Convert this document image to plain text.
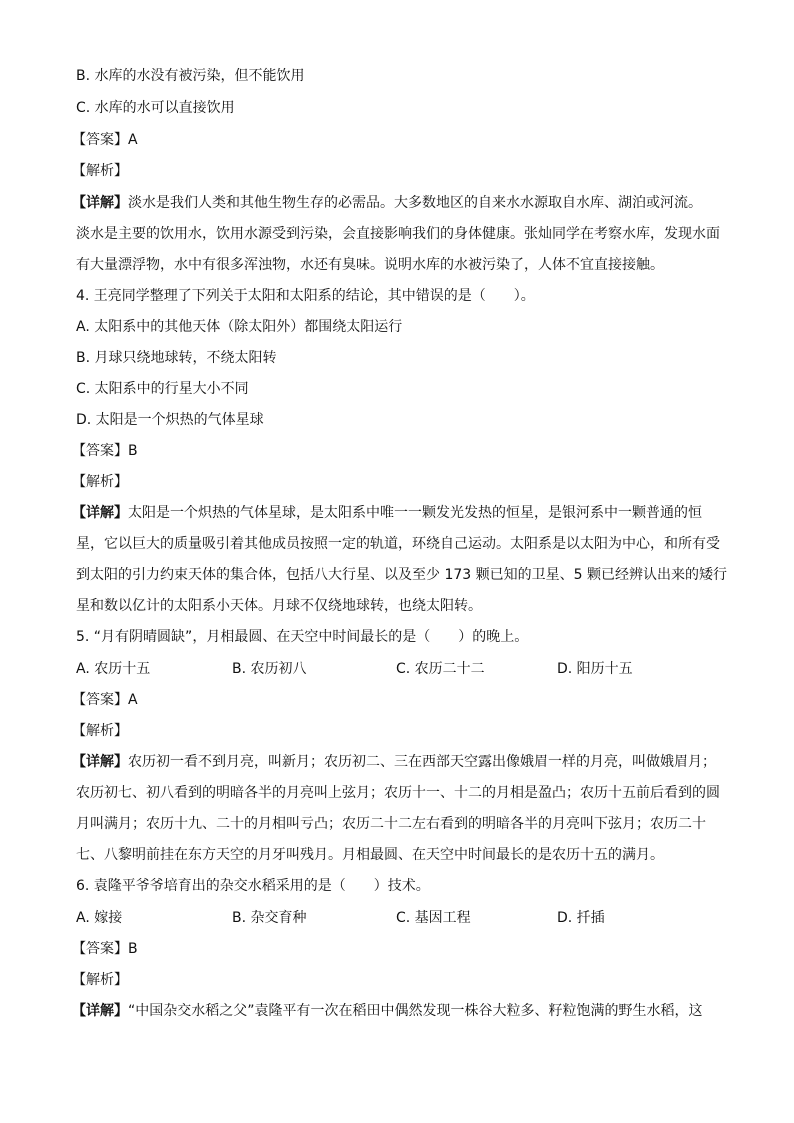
B. 水库的水没有被污染，但不能饮用
C. 水库的水可以直接饮用
【答案】A
【解析】
【详解】淡水是我们人类和其他生物生存的必需品。大多数地区的自来水水源取自水库、湖泊或河流。
淡水是主要的饮用水，饮用水源受到污染，会直接影响我们的身体健康。张灿同学在考察水库，发现水面
有大量漂浮物，水中有很多浑浊物，水还有臭味。说明水库的水被污染了，人体不宜直接接触。
4. 王亮同学整理了下列关于太阳和太阳系的结论，其中错误的是（　　）。
A. 太阳系中的其他天体（除太阳外）都围绕太阳运行
B. 月球只绕地球转，不绕太阳转
C. 太阳系中的行星大小不同
D. 太阳是一个炽热的气体星球
【答案】B
【解析】
【详解】太阳是一个炽热的气体星球，是太阳系中唯一一颗发光发热的恒星，是银河系中一颗普通的恒
星，它以巨大的质量吸引着其他成员按照一定的轨道，环绕自己运动。太阳系是以太阳为中心，和所有受
到太阳的引力约束天体的集合体，包括八大行星、以及至少 173 颗已知的卫星、5 颗已经辨认出来的矮行
星和数以亿计的太阳系小天体。月球不仅绕地球转，也绕太阳转。
5. “月有阴晴圆缺”，月相最圆、在天空中时间最长的是（　　）的晚上。
A. 农历十五	B. 农历初八	C. 农历二十二	D. 阳历十五
【答案】A
【解析】
【详解】农历初一看不到月亮，叫新月；农历初二、三在西部天空露出像娥眉一样的月亮，叫做娥眉月；
农历初七、初八看到的明暗各半的月亮叫上弦月；农历十一、十二的月相是盈凸；农历十五前后看到的圆
月叫满月；农历十九、二十的月相叫亏凸；农历二十二左右看到的明暗各半的月亮叫下弦月；农历二十
七、八黎明前挂在东方天空的月牙叫残月。月相最圆、在天空中时间最长的是农历十五的满月。
6. 袁隆平爷爷培育出的杂交水稻采用的是（　　）技术。
A. 嫁接	B. 杂交育种	C. 基因工程	D. 扦插
【答案】B
【解析】
【详解】“中国杂交水稻之父”袁隆平有一次在稻田中偶然发现一株谷大粒多、籽粒饱满的野生水稻，这
